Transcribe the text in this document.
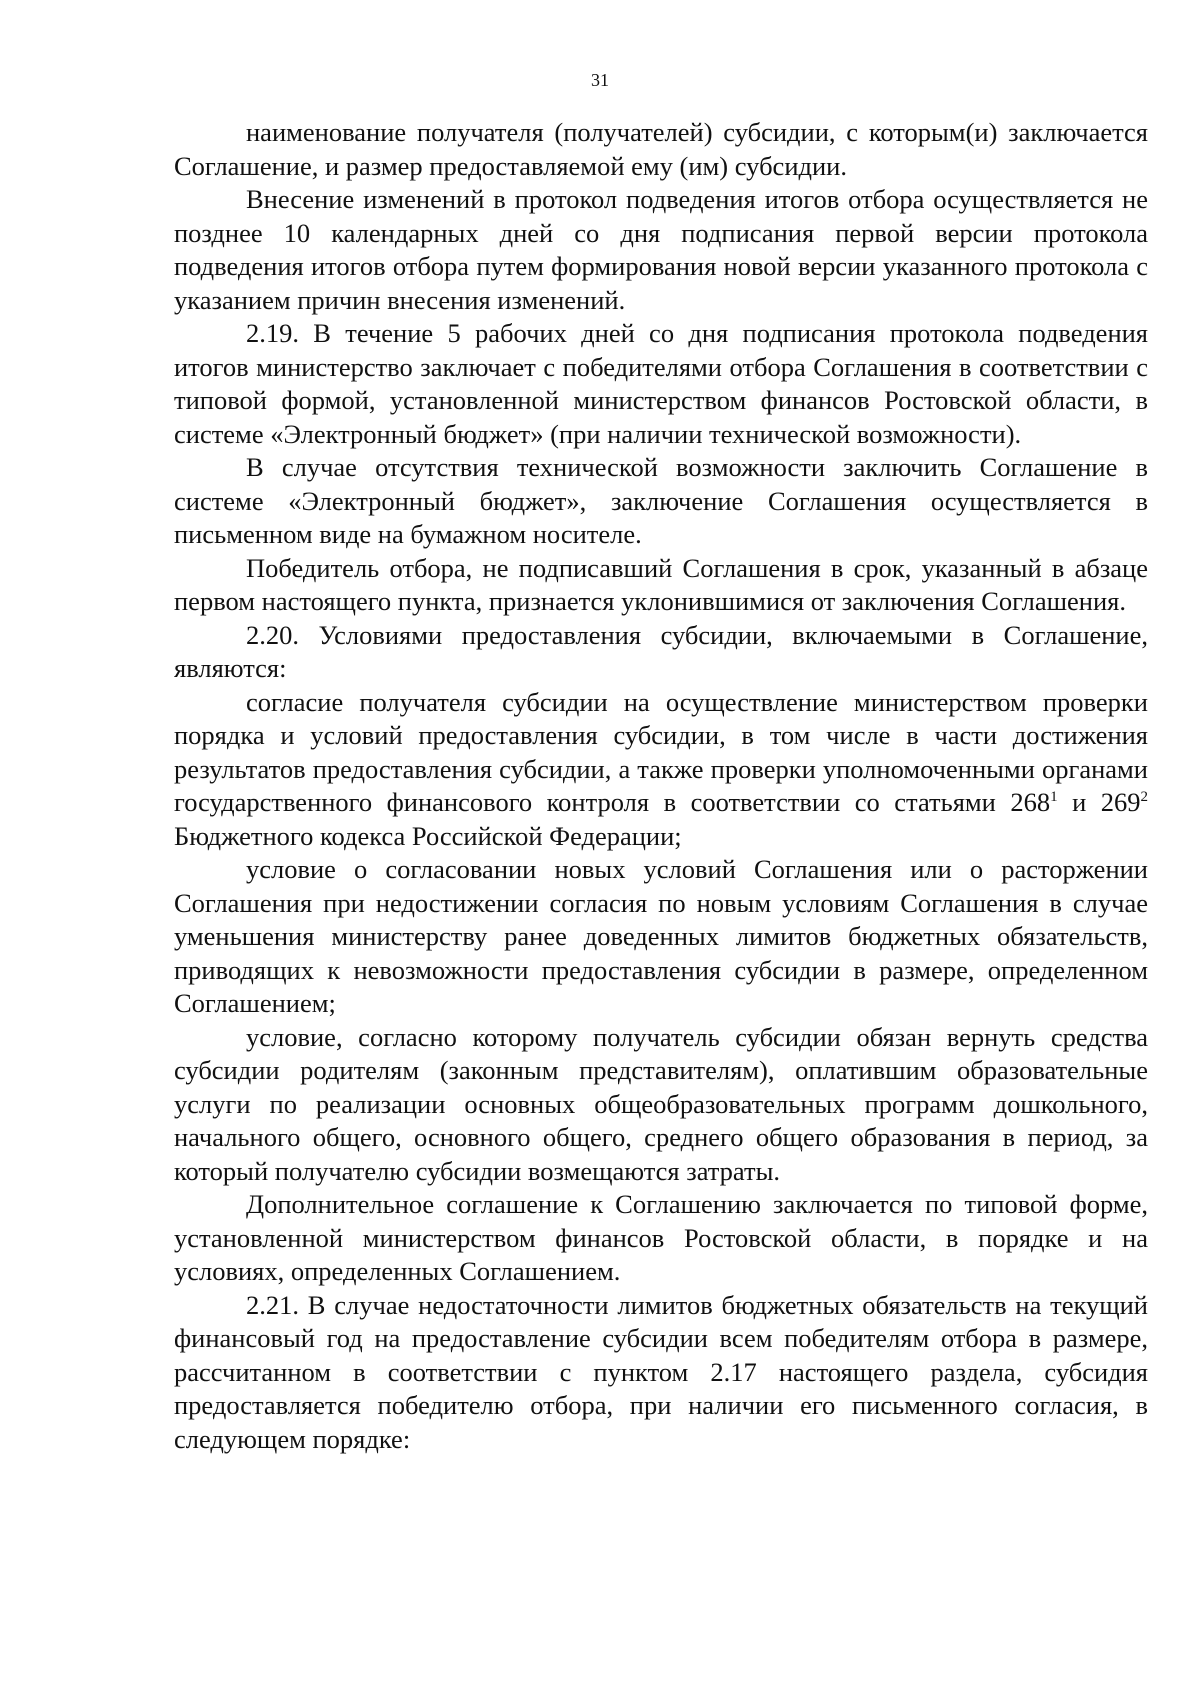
31

наименование получателя (получателей) субсидии, с которым(и) заключается Соглашение, и размер предоставляемой ему (им) субсидии.

Внесение изменений в протокол подведения итогов отбора осуществляется не позднее 10 календарных дней со дня подписания первой версии протокола подведения итогов отбора путем формирования новой версии указанного протокола с указанием причин внесения изменений.

2.19. В течение 5 рабочих дней со дня подписания протокола подведения итогов министерство заключает с победителями отбора Соглашения в соответствии с типовой формой, установленной министерством финансов Ростовской области, в системе «Электронный бюджет» (при наличии технической возможности).

В случае отсутствия технической возможности заключить Соглашение в системе «Электронный бюджет», заключение Соглашения осуществляется в письменном виде на бумажном носителе.

Победитель отбора, не подписавший Соглашения в срок, указанный в абзаце первом настоящего пункта, признается уклонившимися от заключения Соглашения.

2.20. Условиями предоставления субсидии, включаемыми в Соглашение, являются:

согласие получателя субсидии на осуществление министерством проверки порядка и условий предоставления субсидии, в том числе в части достижения результатов предоставления субсидии, а также проверки уполномоченными органами государственного финансового контроля в соответствии со статьями $268^1$ и $269^2$ Бюджетного кодекса Российской Федерации;

условие о согласовании новых условий Соглашения или о расторжении Соглашения при недостижении согласия по новым условиям Соглашения в случае уменьшения министерству ранее доведенных лимитов бюджетных обязательств, приводящих к невозможности предоставления субсидии в размере, определенном Соглашением;

условие, согласно которому получатель субсидии обязан вернуть средства субсидии родителям (законным представителям), оплатившим образовательные услуги по реализации основных общеобразовательных программ дошкольного, начального общего, основного общего, среднего общего образования в период, за который получателю субсидии возмещаются затраты.

Дополнительное соглашение к Соглашению заключается по типовой форме, установленной министерством финансов Ростовской области, в порядке и на условиях, определенных Соглашением.

2.21. В случае недостаточности лимитов бюджетных обязательств на текущий финансовый год на предоставление субсидии всем победителям отбора в размере, рассчитанном в соответствии с пунктом 2.17 настоящего раздела, субсидия предоставляется победителю отбора, при наличии его письменного согласия, в следующем порядке:
